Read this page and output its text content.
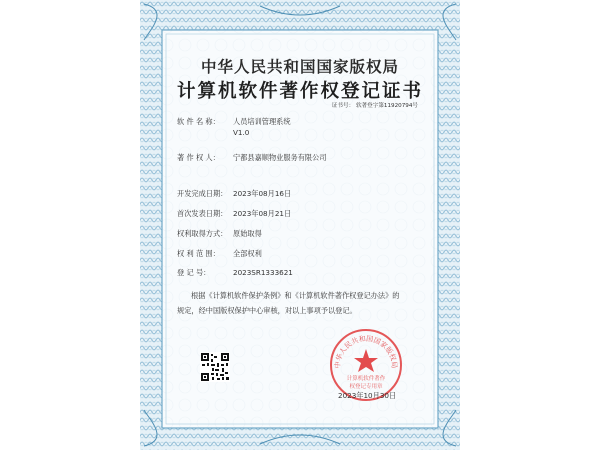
中华人民共和国国家版权局
计算机软件著作权登记证书
证书号： 软著登字第11920794号
软 件 名 称： 人员培训管理系统
V1.0
著 作 权 人： 宁都县嘉顺物业服务有限公司
开发完成日期： 2023年08月16日
首次发表日期： 2023年08月21日
权利取得方式： 原始取得
权 利 范 围： 全部权利
登 记 号：	2023SR1333621
根据《计算机软件保护条例》和《计算机软件著作权登记办法》的
规定，经中国版权保护中心审核，对以上事项予以登记。
中华人民共和国国家版权局
计算机软件著作
权登记专用章
2023年10月30日
